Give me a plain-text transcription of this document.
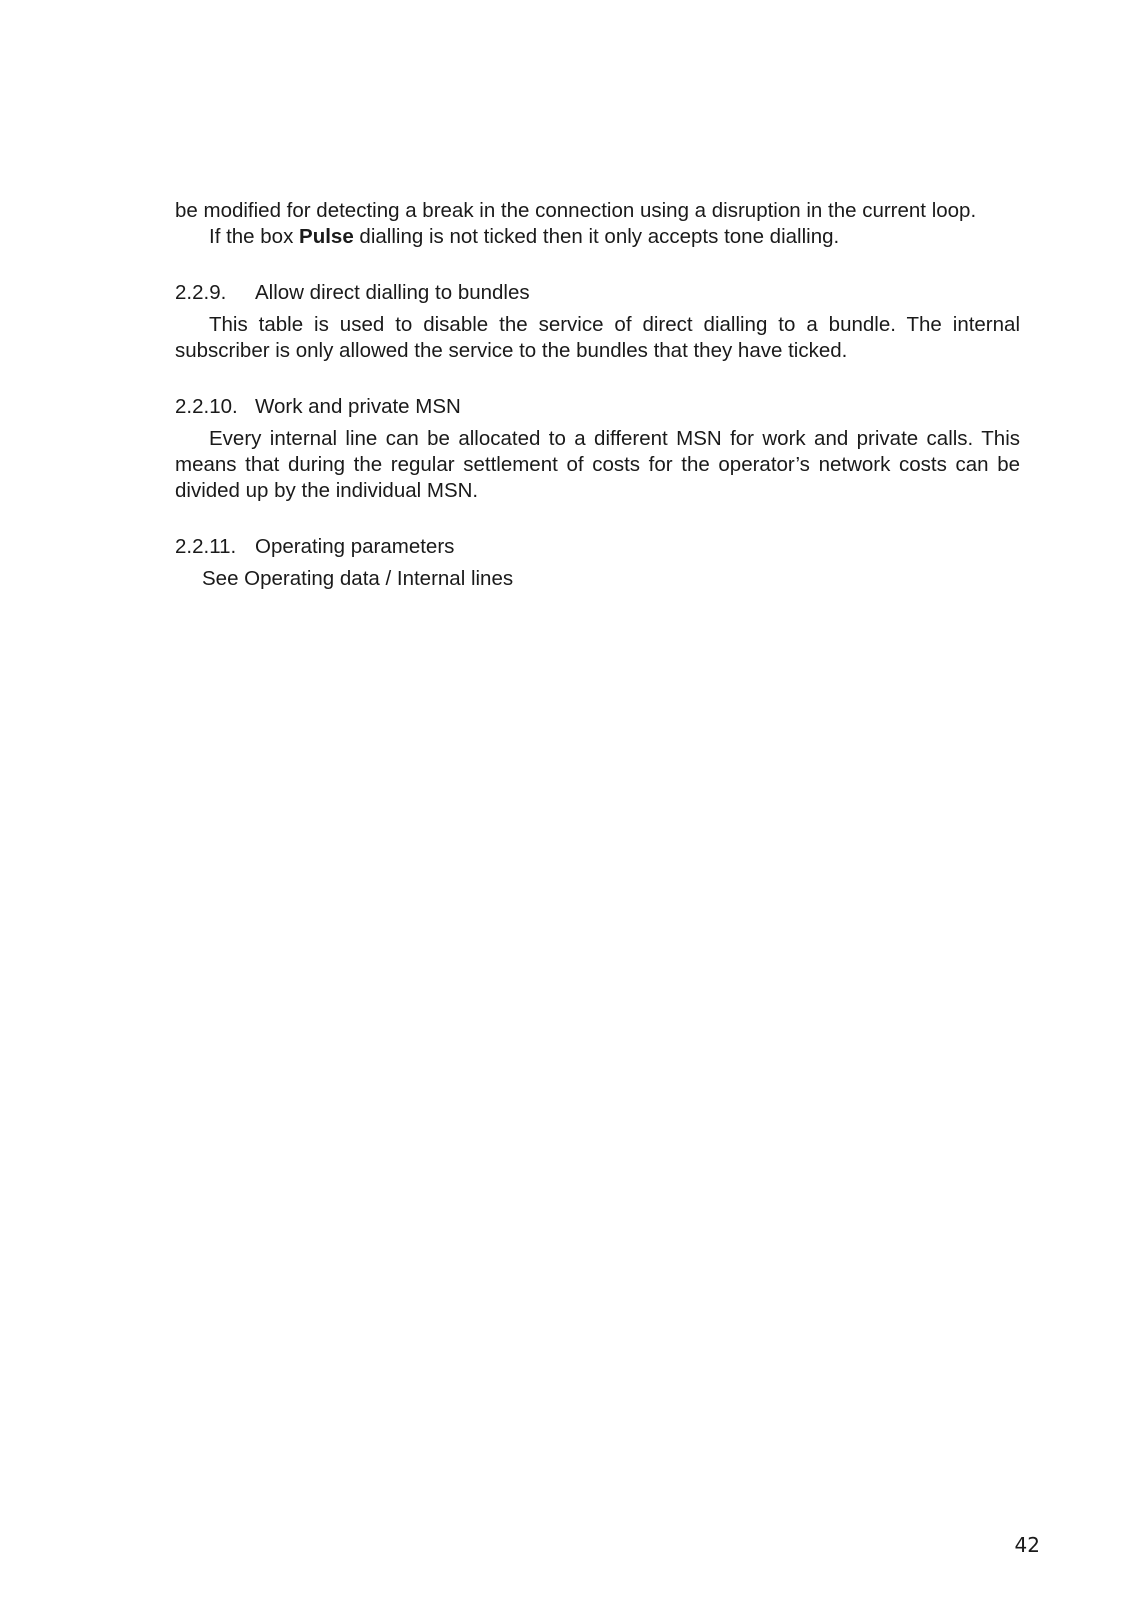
be modified for detecting a break in the connection using a disruption in the current loop.

If the box Pulse dialling is not ticked then it only accepts tone dialling.

2.2.9. Allow direct dialling to bundles

This table is used to disable the service of direct dialling to a bundle. The internal subscriber is only allowed the service to the bundles that they have ticked.

2.2.10. Work and private MSN

Every internal line can be allocated to a different MSN for work and private calls. This means that during the regular settlement of costs for the operator’s network costs can be divided up by the individual MSN.

2.2.11. Operating parameters

See Operating data / Internal lines

42
